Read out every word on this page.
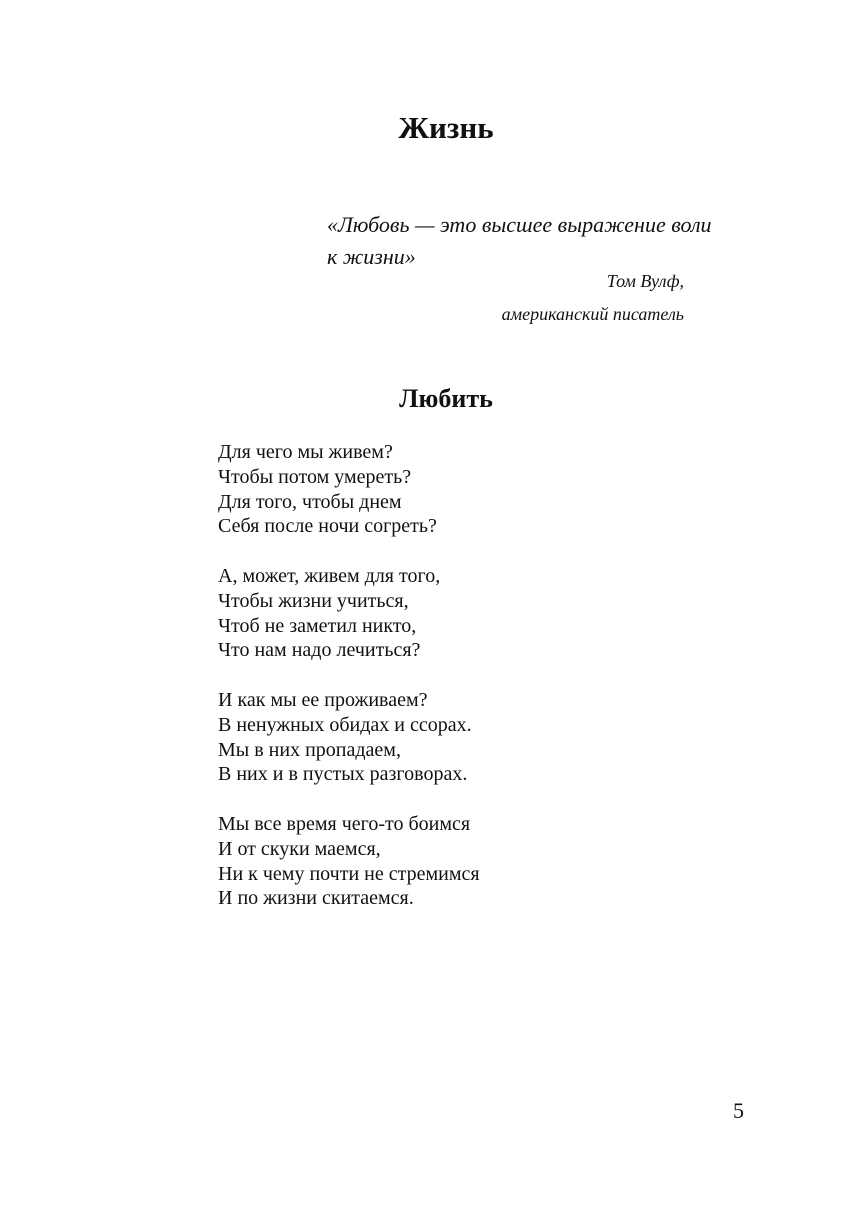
Жизнь
«Любовь — это высшее выражение воли
к жизни»
Том Вулф,
американский писатель
Любить
Для чего мы живем?
Чтобы потом умереть?
Для того, чтобы днем
Себя после ночи согреть?
А, может, живем для того,
Чтобы жизни учиться,
Чтоб не заметил никто,
Что нам надо лечиться?
И как мы ее проживаем?
В ненужных обидах и ссорах.
Мы в них пропадаем,
В них и в пустых разговорах.
Мы все время чего-то боимся
И от скуки маемся,
Ни к чему почти не стремимся
И по жизни скитаемся.
5
